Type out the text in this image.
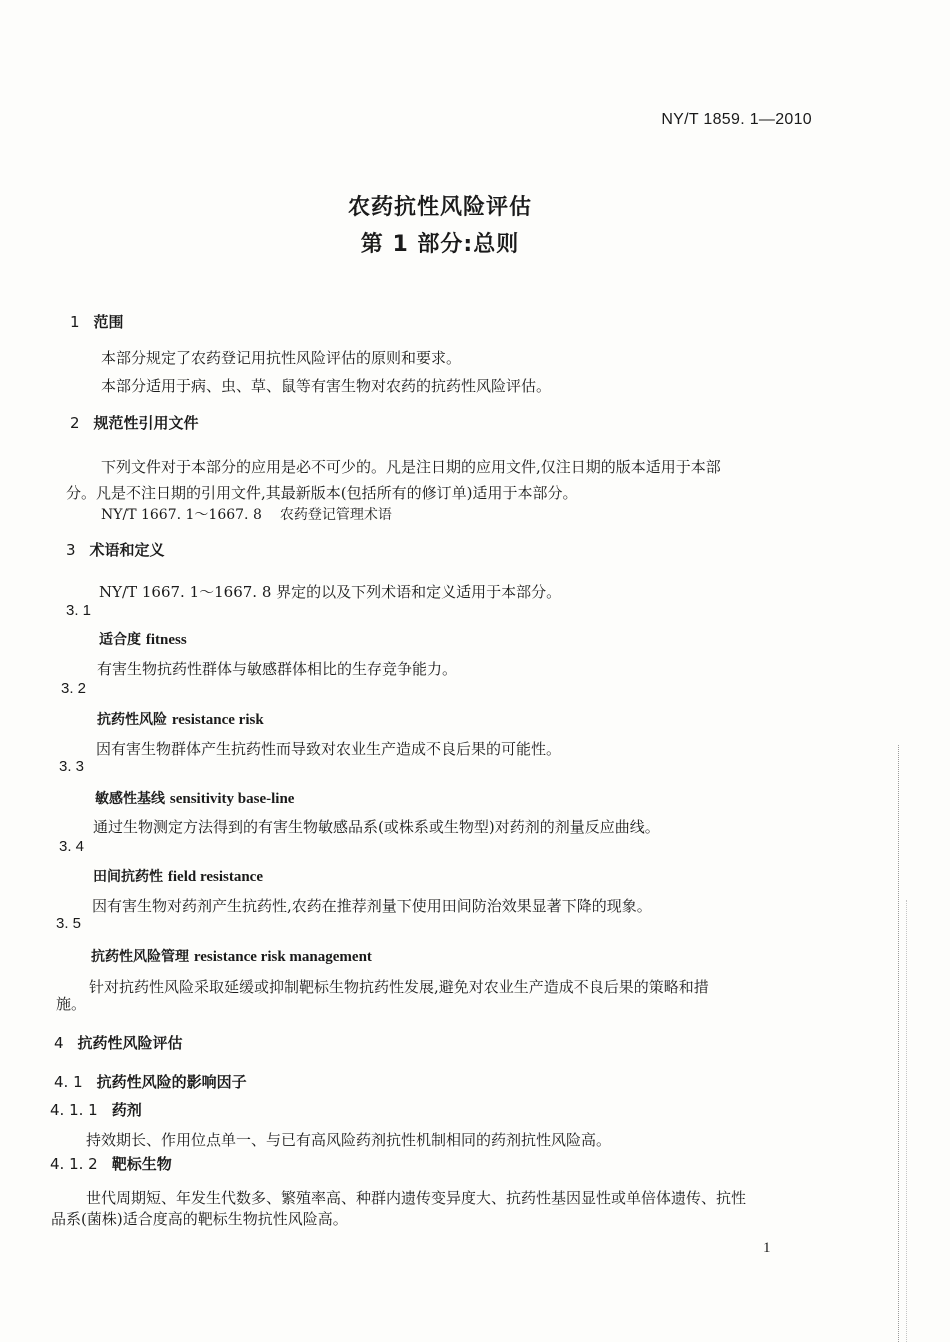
NY/T 1859. 1—2010
农药抗性风险评估
第 1 部分:总则
1 范围
本部分规定了农药登记用抗性风险评估的原则和要求。
本部分适用于病、虫、草、鼠等有害生物对农药的抗药性风险评估。
2 规范性引用文件
下列文件对于本部分的应用是必不可少的。凡是注日期的应用文件,仅注日期的版本适用于本部
分。凡是不注日期的引用文件,其最新版本(包括所有的修订单)适用于本部分。
NY/T 1667. 1～1667. 8 农药登记管理术语
3 术语和定义
NY/T 1667. 1～1667. 8 界定的以及下列术语和定义适用于本部分。
3. 1
适合度 fitness
有害生物抗药性群体与敏感群体相比的生存竞争能力。
3. 2
抗药性风险 resistance risk
因有害生物群体产生抗药性而导致对农业生产造成不良后果的可能性。
3. 3
敏感性基线 sensitivity base-line
通过生物测定方法得到的有害生物敏感品系(或株系或生物型)对药剂的剂量反应曲线。
3. 4
田间抗药性 field resistance
因有害生物对药剂产生抗药性,农药在推荐剂量下使用田间防治效果显著下降的现象。
3. 5
抗药性风险管理 resistance risk management
针对抗药性风险采取延缓或抑制靶标生物抗药性发展,避免对农业生产造成不良后果的策略和措
施。
4 抗药性风险评估
4. 1 抗药性风险的影响因子
4. 1. 1 药剂
持效期长、作用位点单一、与已有高风险药剂抗性机制相同的药剂抗性风险高。
4. 1. 2 靶标生物
世代周期短、年发生代数多、繁殖率高、种群内遗传变异度大、抗药性基因显性或单倍体遗传、抗性
品系(菌株)适合度高的靶标生物抗性风险高。
1
